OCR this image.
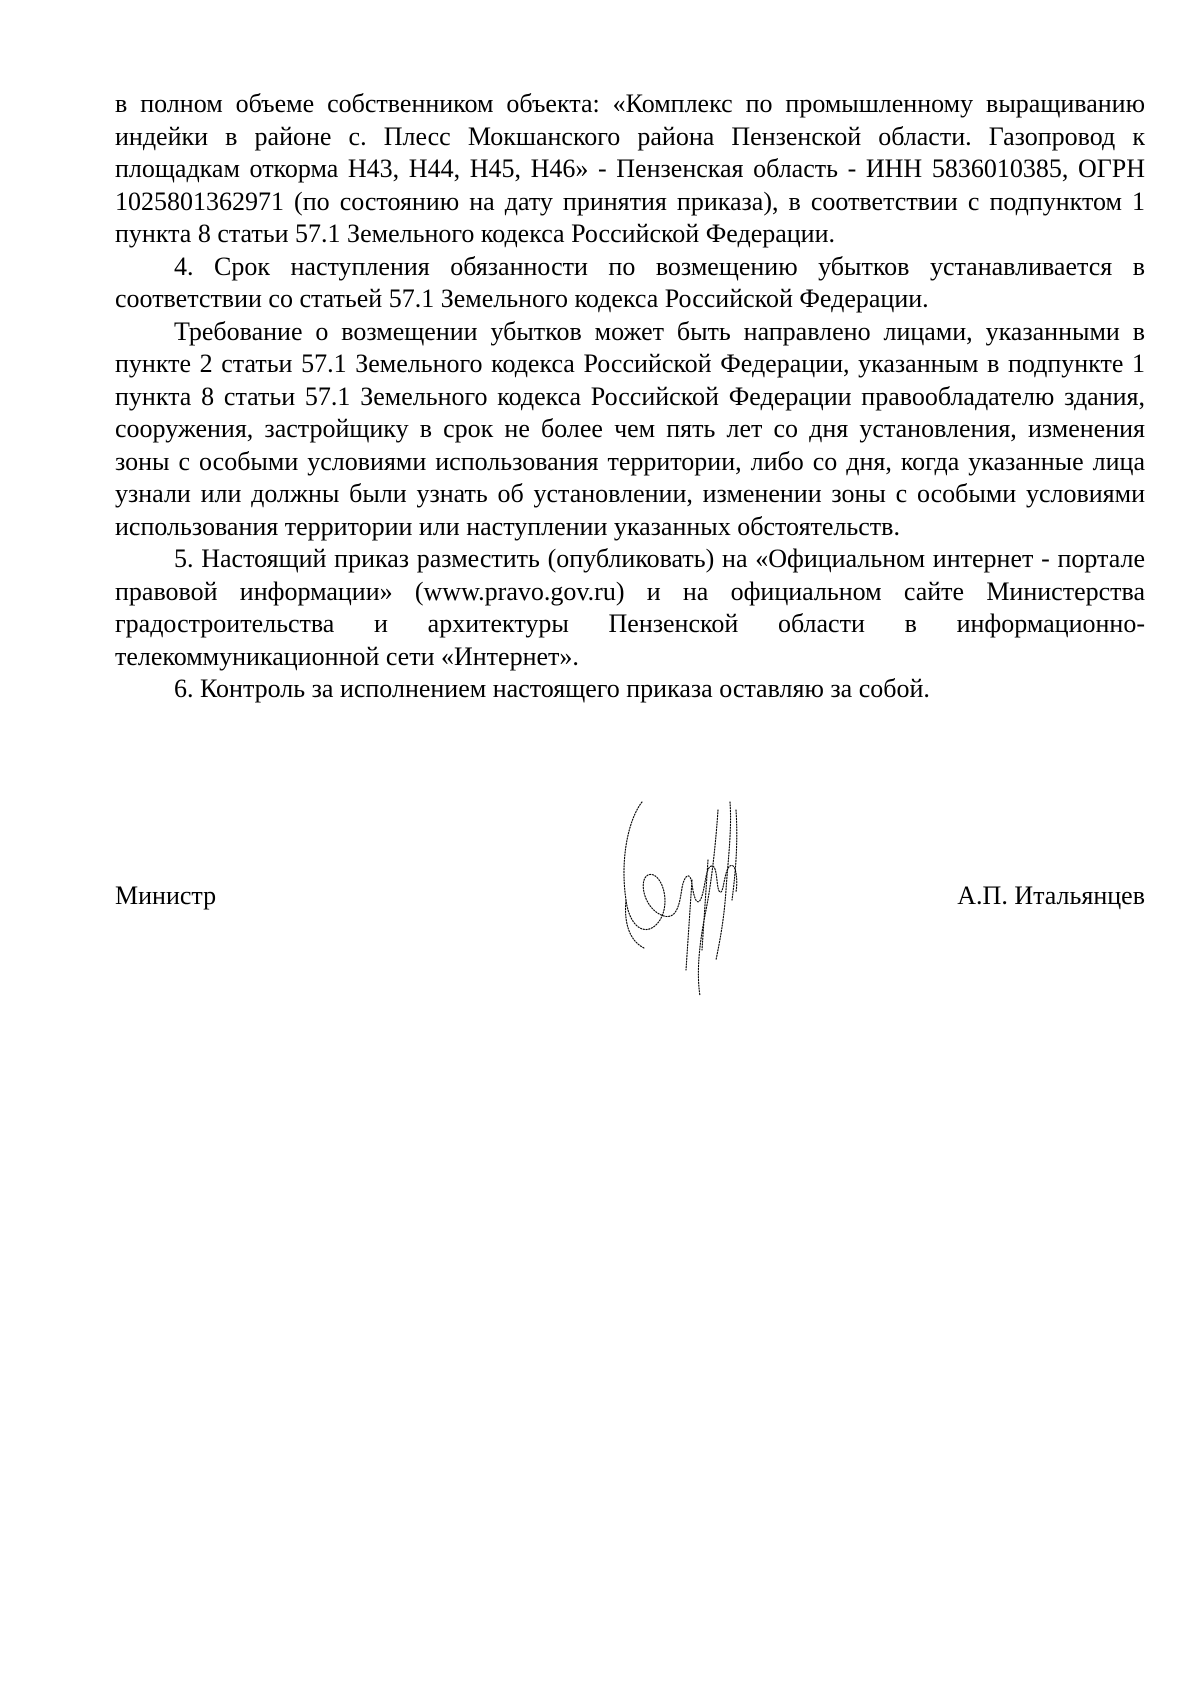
в полном объеме собственником объекта: «Комплекс по промышленному выращиванию индейки в районе с. Плесс Мокшанского района Пензенской области. Газопровод к площадкам откорма Н43, Н44, Н45, Н46» - Пензенская область - ИНН 5836010385, ОГРН 1025801362971 (по состоянию на дату принятия приказа), в соответствии с подпунктом 1 пункта 8 статьи 57.1 Земельного кодекса Российской Федерации.

4. Срок наступления обязанности по возмещению убытков устанавливается в соответствии со статьей 57.1 Земельного кодекса Российской Федерации.

Требование о возмещении убытков может быть направлено лицами, указанными в пункте 2 статьи 57.1 Земельного кодекса Российской Федерации, указанным в подпункте 1 пункта 8 статьи 57.1 Земельного кодекса Российской Федерации правообладателю здания, сооружения, застройщику в срок не более чем пять лет со дня установления, изменения зоны с особыми условиями использования территории, либо со дня, когда указанные лица узнали или должны были узнать об установлении, изменении зоны с особыми условиями использования территории или наступлении указанных обстоятельств.

5. Настоящий приказ разместить (опубликовать) на «Официальном интернет - портале правовой информации» (www.pravo.gov.ru) и на официальном сайте Министерства градостроительства и архитектуры Пензенской области в информационно-телекоммуникационной сети «Интернет».

6. Контроль за исполнением настоящего приказа оставляю за собой.

Министр	А.П. Итальянцев
